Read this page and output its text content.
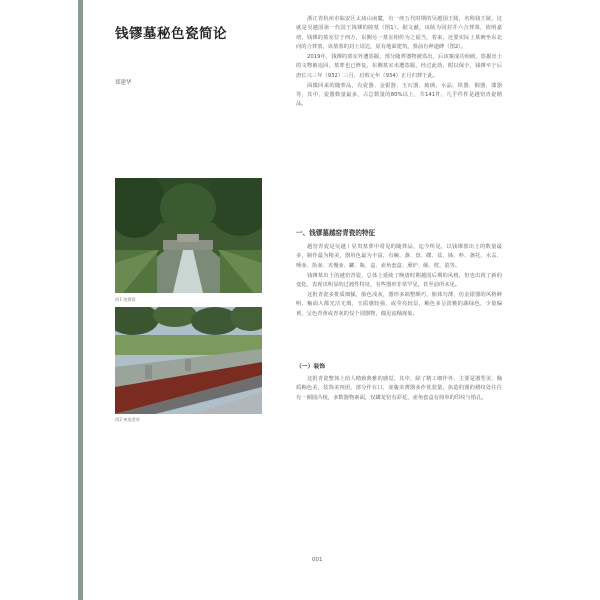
钱镠墓秘色瓷简论
郑建华
图1 钱镠墓
图2 神道遗迹

浙江省杭州市临安区太庙山南麓，有一座五代时期的吴越国王陵，名称钱王陵，这就是吴越国第一代国王钱镠的陵墓（图1）。据文献，该陵为同封井六合葬墓，依明嘉靖，钱镠的墓室位于西方，东侧另一墓室相传为之福当，着来，还要实际上墓碑坐东北向的合葬墓，该墓墓的封土周边，原有地面建筑，墓前有神道碑（图2）。

2019年，钱镠的墓室外遭盗掘，部分随葬器物被盗出，后该案成功侦破，盗掘出土的文物被追回，墓葬也已修复，东侧墓室未遭盗掘，经过此劫，附以保全，钱镠卒于后唐长兴三年（932）三月，启殡元年（934）正月归葬于此。

面微回来的随葬品，有瓷器、金银器、玉石器、琉璃、水晶、铁器、铜器、漆器等，其中，瓷器数量最多，占总数量的80%以上，共141件，几乎件件是越窑青瓷精品。

一、钱镠墓越窑青瓷的特征

越窑青瓷是吴越丨显贵墓葬中常见的随葬品，迄今所见，以钱镠墓出土的数量最多，制作最为精美，器用色最为丰富，有碗、盏、盘、碟、盆、钵、杯、盏托、水盂、唾壶、执壶、夹慢壶、罐、瓶、盒、壶角套盒、熏炉、砚、枕、瓷等。

钱镠墓出土的越窑青瓷，总体上延续了晚唐时期越国后期的风格，但也出现了新的变化，表现出明显的过渡性特征，有些器形非常罕见，甚至前所未见。

这批青瓷多批质细腻，胎色浅灰，器形多端整颇巧，胎体匀薄，仿金银器的风格鲜明，釉面大都光洁无瑕，玉质感较强，或莹亮较层，釉色多呈淡雅的湖绿色，少量偏黄，呈色青黄或青灰的仅个别器物，偶见流釉现象。

（一）装饰

这批青瓷整体上给人精致典雅的感觉，其中，除了精工细作外，主要是器型美、釉质釉色美，装饰美四团，部分作在口，壶腹美薄器多作优装量，执造的器的褶纹处往往有一圈圆凸棱，多数器物素面，仅罐龙窑有彩花，壶角套盒有简单的印纹与错孔。

001
